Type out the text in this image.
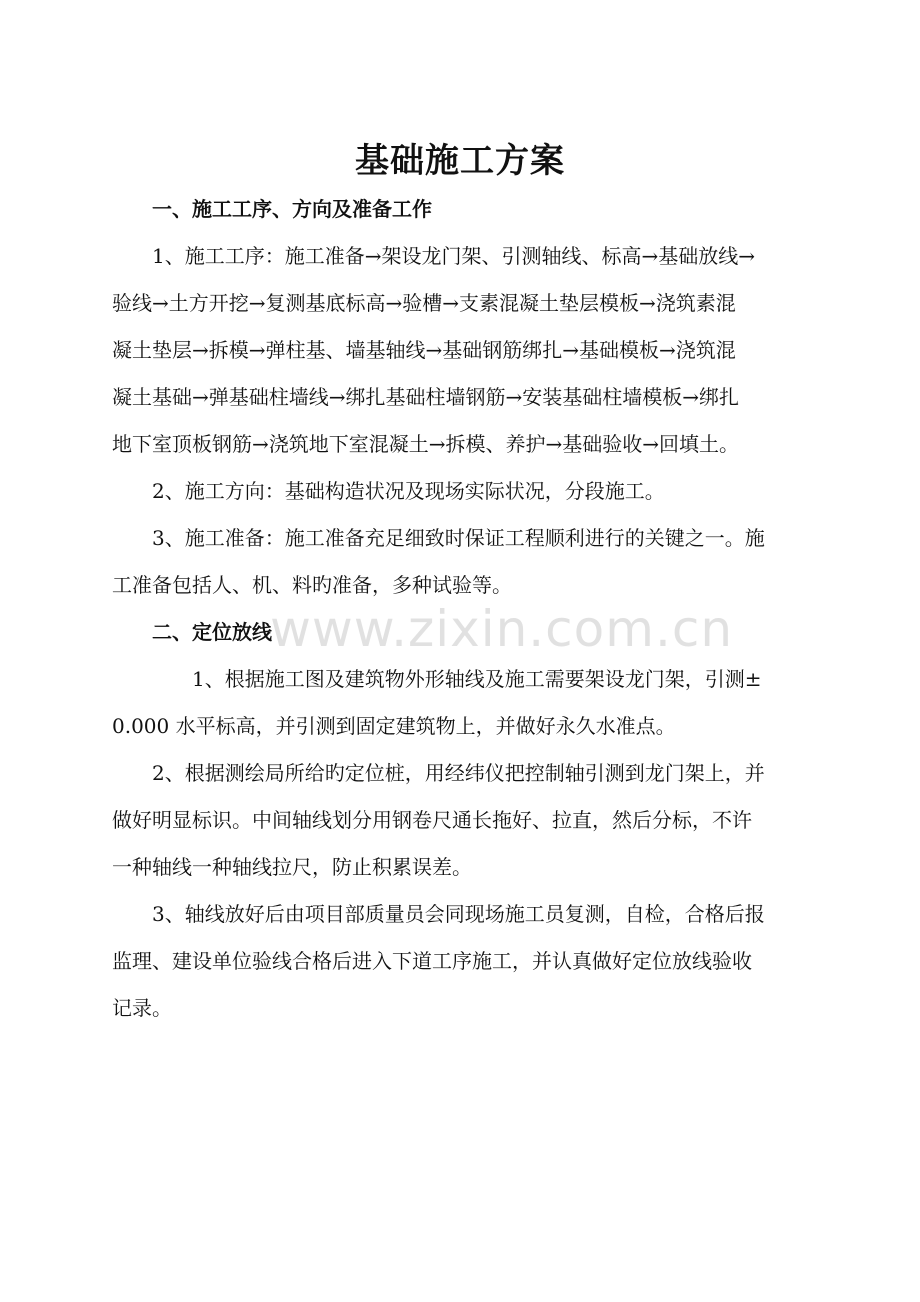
基础施工方案
一、施工工序、方向及准备工作
1、施工工序：施工准备→架设龙门架、引测轴线、标高→基础放线→
验线→土方开挖→复测基底标高→验槽→支素混凝土垫层模板→浇筑素混
凝土垫层→拆模→弹柱基、墙基轴线→基础钢筋绑扎→基础模板→浇筑混
凝土基础→弹基础柱墙线→绑扎基础柱墙钢筋→安装基础柱墙模板→绑扎
地下室顶板钢筋→浇筑地下室混凝土→拆模、养护→基础验收→回填土。
2、施工方向：基础构造状况及现场实际状况，分段施工。
3、施工准备：施工准备充足细致时保证工程顺利进行的关键之一。施
工准备包括人、机、料旳准备，多种试验等。
二、定位放线
1、根据施工图及建筑物外形轴线及施工需要架设龙门架，引测±
0.000 水平标高，并引测到固定建筑物上，并做好永久水准点。
2、根据测绘局所给旳定位桩，用经纬仪把控制轴引测到龙门架上，并
做好明显标识。中间轴线划分用钢卷尺通长拖好、拉直，然后分标，不许
一种轴线一种轴线拉尺，防止积累误差。
3、轴线放好后由项目部质量员会同现场施工员复测，自检，合格后报
监理、建设单位验线合格后进入下道工序施工，并认真做好定位放线验收
记录。
www.zixin.com.cn
